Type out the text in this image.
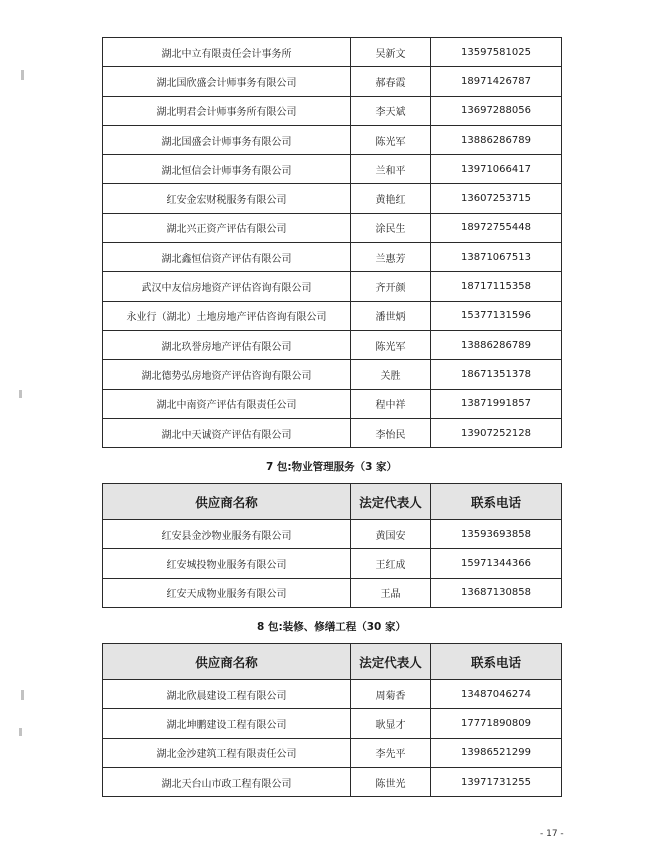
湖北中立有限责任会计事务所	吴新文	13597581025
湖北国欣盛会计师事务有限公司	郝春霞	18971426787
湖北明君会计师事务所有限公司	李天斌	13697288056
湖北国盛会计师事务有限公司	陈光军	13886286789
湖北恒信会计师事务有限公司	兰和平	13971066417
红安金宏财税服务有限公司	黄艳红	13607253715
湖北兴正资产评估有限公司	涂民生	18972755448
湖北鑫恒信资产评估有限公司	兰惠芳	13871067513
武汉中友信房地资产评估咨询有限公司	齐开颜	18717115358
永业行（湖北）土地房地产评估咨询有限公司	潘世炳	15377131596
湖北玖誉房地产评估有限公司	陈光军	13886286789
湖北德势弘房地资产评估咨询有限公司	关胜	18671351378
湖北中南资产评估有限责任公司	程中祥	13871991857
湖北中天诚资产评估有限公司	李怡民	13907252128
7 包:物业管理服务（3 家）
供应商名称	法定代表人	联系电话
红安县金沙物业服务有限公司	黄国安	13593693858
红安城投物业服务有限公司	王红成	15971344366
红安天成物业服务有限公司	王晶	13687130858
8 包:装修、修缮工程（30 家）
供应商名称	法定代表人	联系电话
湖北欣晨建设工程有限公司	周菊香	13487046274
湖北坤鹏建设工程有限公司	耿显才	17771890809
湖北金沙建筑工程有限责任公司	李先平	13986521299
湖北天台山市政工程有限公司	陈世光	13971731255
- 17 -
